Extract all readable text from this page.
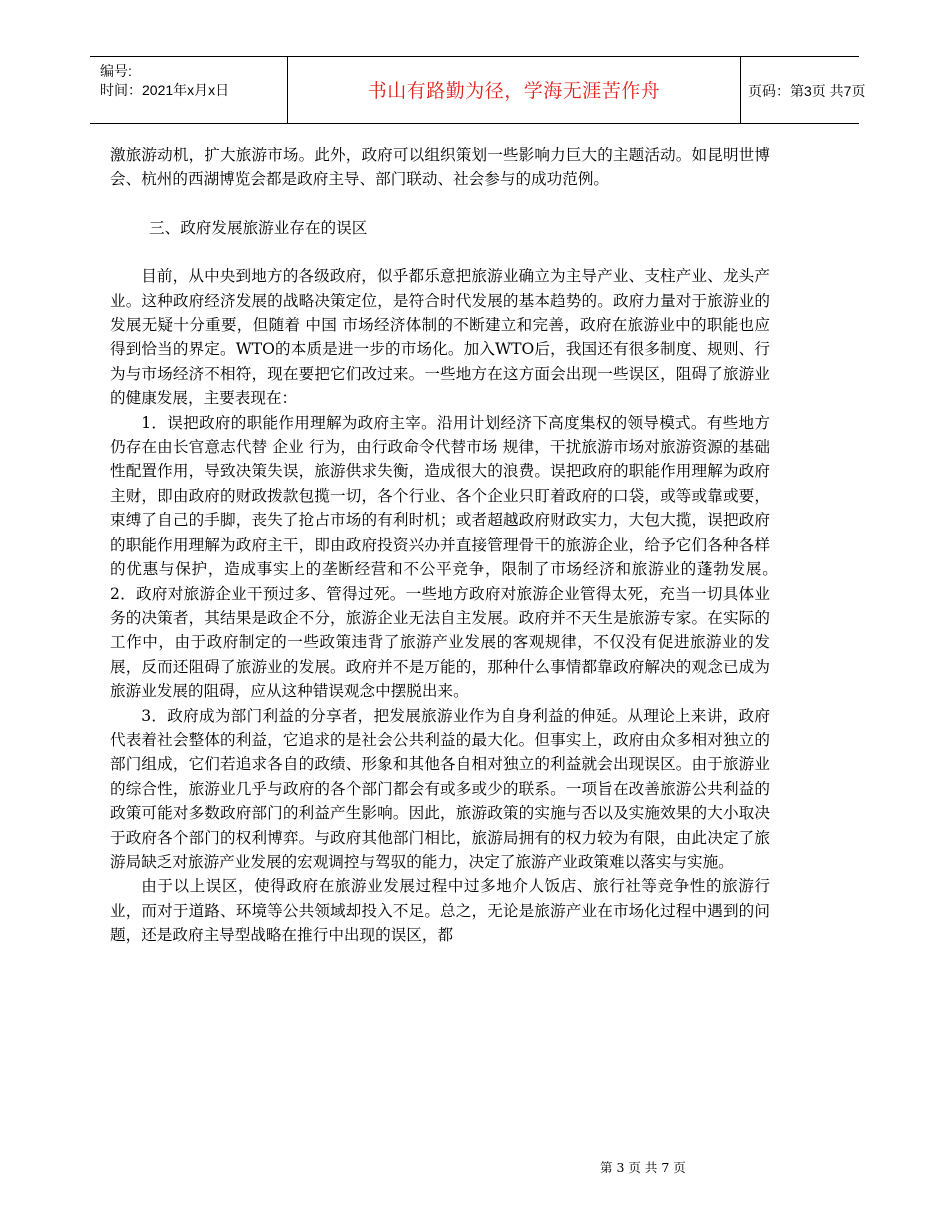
编号:
时间：2021年x月x日	书山有路勤为径，学海无涯苦作舟	页码：第3页 共7页

激旅游动机，扩大旅游市场。此外，政府可以组织策划一些影响力巨大的主题活动。如昆明世博会、杭州的西湖博览会都是政府主导、部门联动、社会参与的成功范例。

三、政府发展旅游业存在的误区

目前，从中央到地方的各级政府，似乎都乐意把旅游业确立为主导产业、支柱产业、龙头产业。这种政府经济发展的战略决策定位，是符合时代发展的基本趋势的。政府力量对于旅游业的发展无疑十分重要，但随着 中国 市场经济体制的不断建立和完善，政府在旅游业中的职能也应得到恰当的界定。WTO的本质是进一步的市场化。加入WTO后，我国还有很多制度、规则、行为与市场经济不相符，现在要把它们改过来。一些地方在这方面会出现一些误区，阻碍了旅游业的健康发展，主要表现在：

1．误把政府的职能作用理解为政府主宰。沿用计划经济下高度集权的领导模式。有些地方仍存在由长官意志代替 企业 行为，由行政命令代替市场 规律，干扰旅游市场对旅游资源的基础性配置作用，导致决策失误，旅游供求失衡，造成很大的浪费。误把政府的职能作用理解为政府主财，即由政府的财政拨款包揽一切，各个行业、各个企业只盯着政府的口袋，或等或靠或要，束缚了自己的手脚，丧失了抢占市场的有利时机；或者超越政府财政实力，大包大揽，误把政府的职能作用理解为政府主干，即由政府投资兴办并直接管理骨干的旅游企业，给予它们各种各样的优惠与保护，造成事实上的垄断经营和不公平竞争，限制了市场经济和旅游业的蓬勃发展。　2．政府对旅游企业干预过多、管得过死。一些地方政府对旅游企业管得太死，充当一切具体业务的决策者，其结果是政企不分，旅游企业无法自主发展。政府并不天生是旅游专家。在实际的工作中，由于政府制定的一些政策违背了旅游产业发展的客观规律，不仅没有促进旅游业的发展，反而还阻碍了旅游业的发展。政府并不是万能的，那种什么事情都靠政府解决的观念已成为旅游业发展的阻碍，应从这种错误观念中摆脱出来。

3．政府成为部门利益的分享者，把发展旅游业作为自身利益的伸延。从理论上来讲，政府代表着社会整体的利益，它追求的是社会公共利益的最大化。但事实上，政府由众多相对独立的部门组成，它们若追求各自的政绩、形象和其他各自相对独立的利益就会出现误区。由于旅游业的综合性，旅游业几乎与政府的各个部门都会有或多或少的联系。一项旨在改善旅游公共利益的政策可能对多数政府部门的利益产生影响。因此，旅游政策的实施与否以及实施效果的大小取决于政府各个部门的权利博弈。与政府其他部门相比，旅游局拥有的权力较为有限，由此决定了旅游局缺乏对旅游产业发展的宏观调控与驾驭的能力，决定了旅游产业政策难以落实与实施。

由于以上误区，使得政府在旅游业发展过程中过多地介人饭店、旅行社等竞争性的旅游行业，而对于道路、环境等公共领域却投入不足。总之，无论是旅游产业在市场化过程中遇到的问题，还是政府主导型战略在推行中出现的误区，都

第 3 页 共 7 页
